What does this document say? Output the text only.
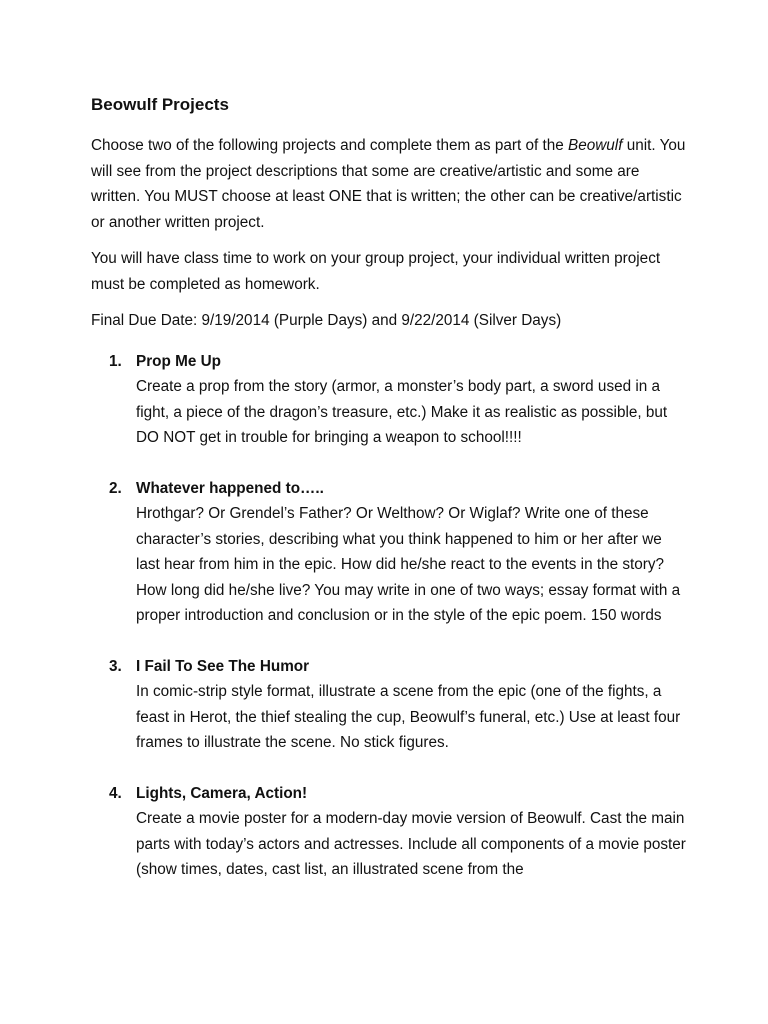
Beowulf Projects

Choose two of the following projects and complete them as part of the Beowulf unit. You will see from the project descriptions that some are creative/artistic and some are written. You MUST choose at least ONE that is written; the other can be creative/artistic or another written project.

You will have class time to work on your group project, your individual written project must be completed as homework.

Final Due Date: 9/19/2014 (Purple Days) and 9/22/2014 (Silver Days)

1. Prop Me Up
Create a prop from the story (armor, a monster’s body part, a sword used in a fight, a piece of the dragon’s treasure, etc.) Make it as realistic as possible, but DO NOT get in trouble for bringing a weapon to school!!!!
2. Whatever happened to…..
Hrothgar? Or Grendel’s Father? Or Welthow? Or Wiglaf? Write one of these character’s stories, describing what you think happened to him or her after we last hear from him in the epic. How did he/she react to the events in the story? How long did he/she live? You may write in one of two ways; essay format with a proper introduction and conclusion or in the style of the epic poem. 150 words
3. I Fail To See The Humor
In comic-strip style format, illustrate a scene from the epic (one of the fights, a feast in Herot, the thief stealing the cup, Beowulf’s funeral, etc.) Use at least four frames to illustrate the scene. No stick figures.
4. Lights, Camera, Action!
Create a movie poster for a modern-day movie version of Beowulf. Cast the main parts with today’s actors and actresses. Include all components of a movie poster (show times, dates, cast list, an illustrated scene from the
